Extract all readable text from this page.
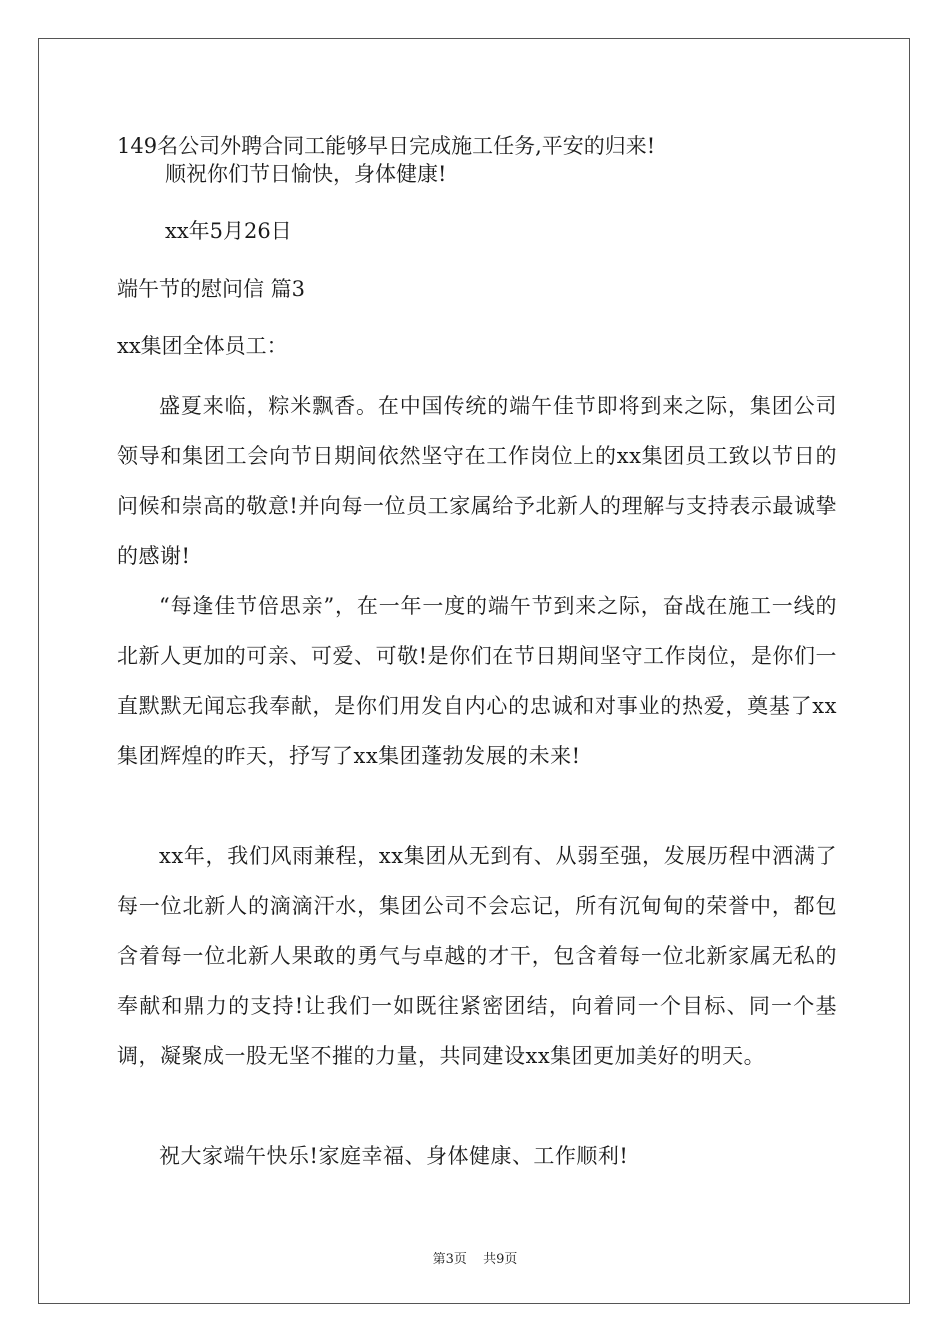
149名公司外聘合同工能够早日完成施工任务,平安的归来!

顺祝你们节日愉快，身体健康!

xx年5月26日

端午节的慰问信 篇3

xx集团全体员工：

盛夏来临，粽米飘香。在中国传统的端午佳节即将到来之际，集团公司领导和集团工会向节日期间依然坚守在工作岗位上的xx集团员工致以节日的问候和崇高的敬意!并向每一位员工家属给予北新人的理解与支持表示最诚挚的感谢!

“每逢佳节倍思亲”，在一年一度的端午节到来之际，奋战在施工一线的北新人更加的可亲、可爱、可敬!是你们在节日期间坚守工作岗位，是你们一直默默无闻忘我奉献，是你们用发自内心的忠诚和对事业的热爱，奠基了xx集团辉煌的昨天，抒写了xx集团蓬勃发展的未来!

xx年，我们风雨兼程，xx集团从无到有、从弱至强，发展历程中洒满了每一位北新人的滴滴汗水，集团公司不会忘记，所有沉甸甸的荣誉中，都包含着每一位北新人果敢的勇气与卓越的才干，包含着每一位北新家属无私的奉献和鼎力的支持!让我们一如既往紧密团结，向着同一个目标、同一个基调，凝聚成一股无坚不摧的力量，共同建设xx集团更加美好的明天。

祝大家端午快乐!家庭幸福、身体健康、工作顺利!

第3页 共9页
